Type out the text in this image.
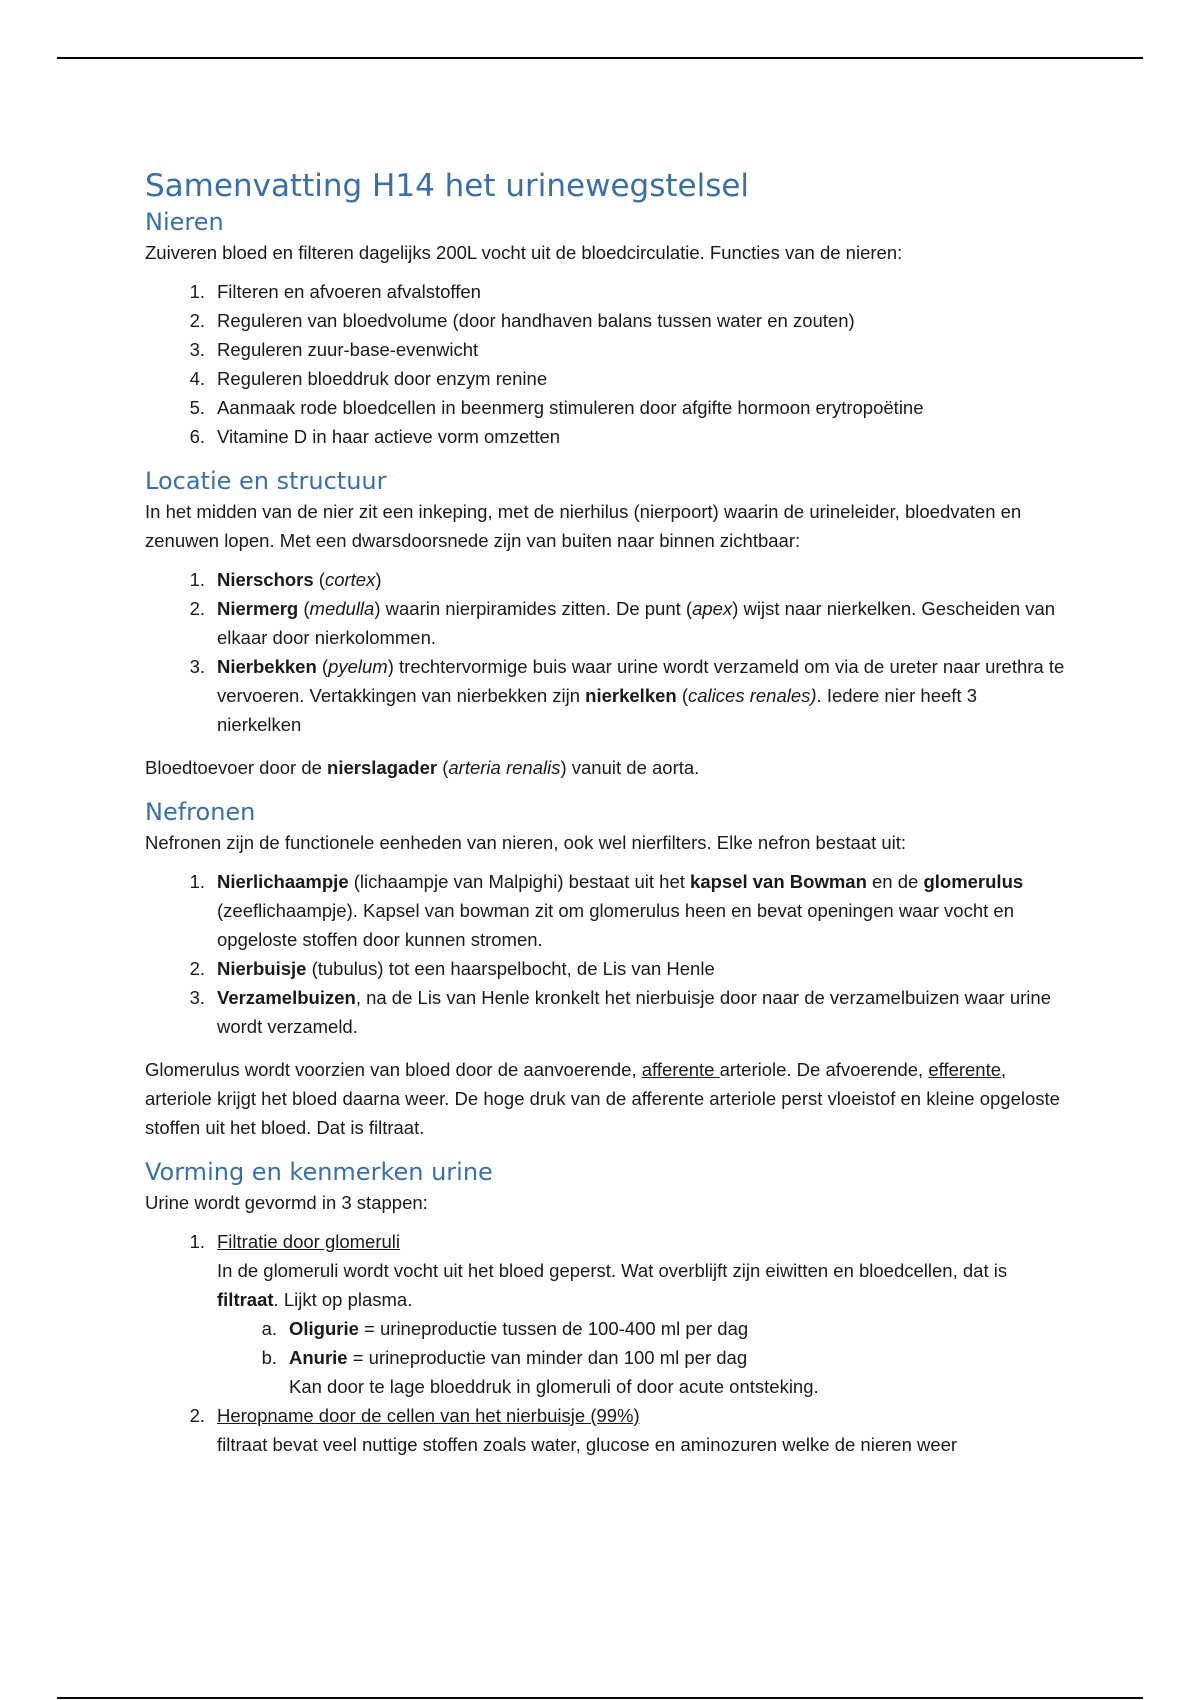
Samenvatting H14 het urinewegstelsel
Nieren

Zuiveren bloed en filteren dagelijks 200L vocht uit de bloedcirculatie. Functies van de nieren:

1. Filteren en afvoeren afvalstoffen
2. Reguleren van bloedvolume (door handhaven balans tussen water en zouten)
3. Reguleren zuur-base-evenwicht
4. Reguleren bloeddruk door enzym renine
5. Aanmaak rode bloedcellen in beenmerg stimuleren door afgifte hormoon erytropoëtine
6. Vitamine D in haar actieve vorm omzetten
Locatie en structuur

In het midden van de nier zit een inkeping, met de nierhilus (nierpoort) waarin de urineleider, bloedvaten en zenuwen lopen. Met een dwarsdoorsnede zijn van buiten naar binnen zichtbaar:

1. Nierschors (cortex)
2. Niermerg (medulla) waarin nierpiramides zitten. De punt (apex) wijst naar nierkelken. Gescheiden van elkaar door nierkolommen.
3. Nierbekken (pyelum) trechtervormige buis waar urine wordt verzameld om via de ureter naar urethra te vervoeren. Vertakkingen van nierbekken zijn nierkelken (calices renales). Iedere nier heeft 3 nierkelken

Bloedtoevoer door de nierslagader (arteria renalis) vanuit de aorta.

Nefronen

Nefronen zijn de functionele eenheden van nieren, ook wel nierfilters. Elke nefron bestaat uit:

1. Nierlichaampje (lichaampje van Malpighi) bestaat uit het kapsel van Bowman en de glomerulus (zeeflichaampje). Kapsel van bowman zit om glomerulus heen en bevat openingen waar vocht en opgeloste stoffen door kunnen stromen.
2. Nierbuisje (tubulus) tot een haarspelbocht, de Lis van Henle
3. Verzamelbuizen, na de Lis van Henle kronkelt het nierbuisje door naar de verzamelbuizen waar urine wordt verzameld.

Glomerulus wordt voorzien van bloed door de aanvoerende, afferente arteriole. De afvoerende, efferente, arteriole krijgt het bloed daarna weer. De hoge druk van de afferente arteriole perst vloeistof en kleine opgeloste stoffen uit het bloed. Dat is filtraat.

Vorming en kenmerken urine

Urine wordt gevormd in 3 stappen:

1. Filtratie door glomeruli
In de glomeruli wordt vocht uit het bloed geperst. Wat overblijft zijn eiwitten en bloedcellen, dat is filtraat. Lijkt op plasma.
a. Oligurie = urineproductie tussen de 100-400 ml per dag
b. Anurie = urineproductie van minder dan 100 ml per dag
Kan door te lage bloeddruk in glomeruli of door acute ontsteking.
2. Heropname door de cellen van het nierbuisje (99%)
filtraat bevat veel nuttige stoffen zoals water, glucose en aminozuren welke de nieren weer
